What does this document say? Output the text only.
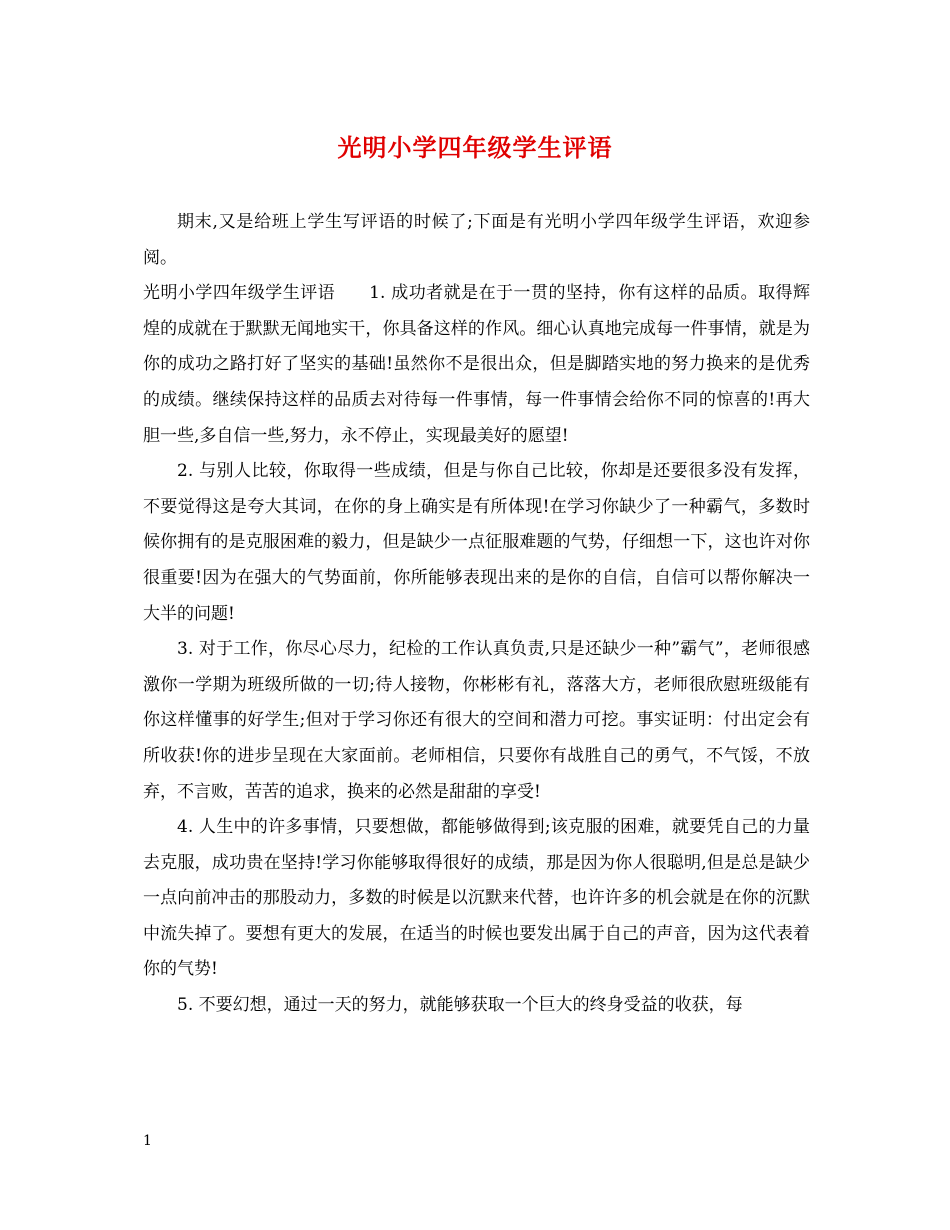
光明小学四年级学生评语

期末,又是给班上学生写评语的时候了;下面是有光明小学四年级学生评语，欢迎参阅。

光明小学四年级学生评语 1. 成功者就是在于一贯的坚持，你有这样的品质。取得辉煌的成就在于默默无闻地实干，你具备这样的作风。细心认真地完成每一件事情，就是为你的成功之路打好了坚实的基础!虽然你不是很出众，但是脚踏实地的努力换来的是优秀的成绩。继续保持这样的品质去对待每一件事情，每一件事情会给你不同的惊喜的!再大胆一些,多自信一些,努力，永不停止，实现最美好的愿望!

2. 与别人比较，你取得一些成绩，但是与你自己比较，你却是还要很多没有发挥，不要觉得这是夸大其词，在你的身上确实是有所体现!在学习你缺少了一种霸气，多数时候你拥有的是克服困难的毅力，但是缺少一点征服难题的气势，仔细想一下，这也许对你很重要!因为在强大的气势面前，你所能够表现出来的是你的自信，自信可以帮你解决一大半的问题!

3. 对于工作，你尽心尽力，纪检的工作认真负责,只是还缺少一种”霸气”，老师很感激你一学期为班级所做的一切;待人接物，你彬彬有礼，落落大方，老师很欣慰班级能有你这样懂事的好学生;但对于学习你还有很大的空间和潜力可挖。事实证明：付出定会有所收获!你的进步呈现在大家面前。老师相信，只要你有战胜自己的勇气，不气馁，不放弃，不言败，苦苦的追求，换来的必然是甜甜的享受!

4. 人生中的许多事情，只要想做，都能够做得到;该克服的困难，就要凭自己的力量去克服，成功贵在坚持!学习你能够取得很好的成绩，那是因为你人很聪明,但是总是缺少一点向前冲击的那股动力，多数的时候是以沉默来代替，也许许多的机会就是在你的沉默中流失掉了。要想有更大的发展，在适当的时候也要发出属于自己的声音，因为这代表着你的气势!

5. 不要幻想，通过一天的努力，就能够获取一个巨大的终身受益的收获，每

1
